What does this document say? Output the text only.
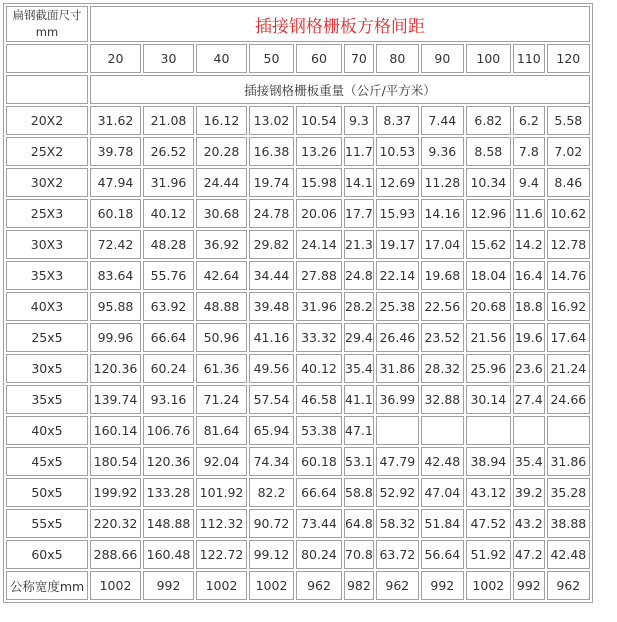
扁钢截面尺寸
mm	插接钢格栅板方格间距										
	20	30	40	50	60	70	80	90	100	110	120
	插接钢格栅板重量（公斤/平方米）										
20X2	31.62	21.08	16.12	13.02	10.54	9.3	8.37	7.44	6.82	6.2	5.58
25X2	39.78	26.52	20.28	16.38	13.26	11.7	10.53	9.36	8.58	7.8	7.02
30X2	47.94	31.96	24.44	19.74	15.98	14.1	12.69	11.28	10.34	9.4	8.46
25X3	60.18	40.12	30.68	24.78	20.06	17.7	15.93	14.16	12.96	11.6	10.62
30X3	72.42	48.28	36.92	29.82	24.14	21.3	19.17	17.04	15.62	14.2	12.78
35X3	83.64	55.76	42.64	34.44	27.88	24.8	22.14	19.68	18.04	16.4	14.76
40X3	95.88	63.92	48.88	39.48	31.96	28.2	25.38	22.56	20.68	18.8	16.92
25x5	99.96	66.64	50.96	41.16	33.32	29.4	26.46	23.52	21.56	19.6	17.64
30x5	120.36	60.24	61.36	49.56	40.12	35.4	31.86	28.32	25.96	23.6	21.24
35x5	139.74	93.16	71.24	57.54	46.58	41.1	36.99	32.88	30.14	27.4	24.66
40x5	160.14	106.76	81.64	65.94	53.38	47.1					
45x5	180.54	120.36	92.04	74.34	60.18	53.1	47.79	42.48	38.94	35.4	31.86
50x5	199.92	133.28	101.92	82.2	66.64	58.8	52.92	47.04	43.12	39.2	35.28
55x5	220.32	148.88	112.32	90.72	73.44	64.8	58.32	51.84	47.52	43.2	38.88
60x5	288.66	160.48	122.72	99.12	80.24	70.8	63.72	56.64	51.92	47.2	42.48
公称宽度mm	1002	992	1002	1002	962	982	962	992	1002	992	962
